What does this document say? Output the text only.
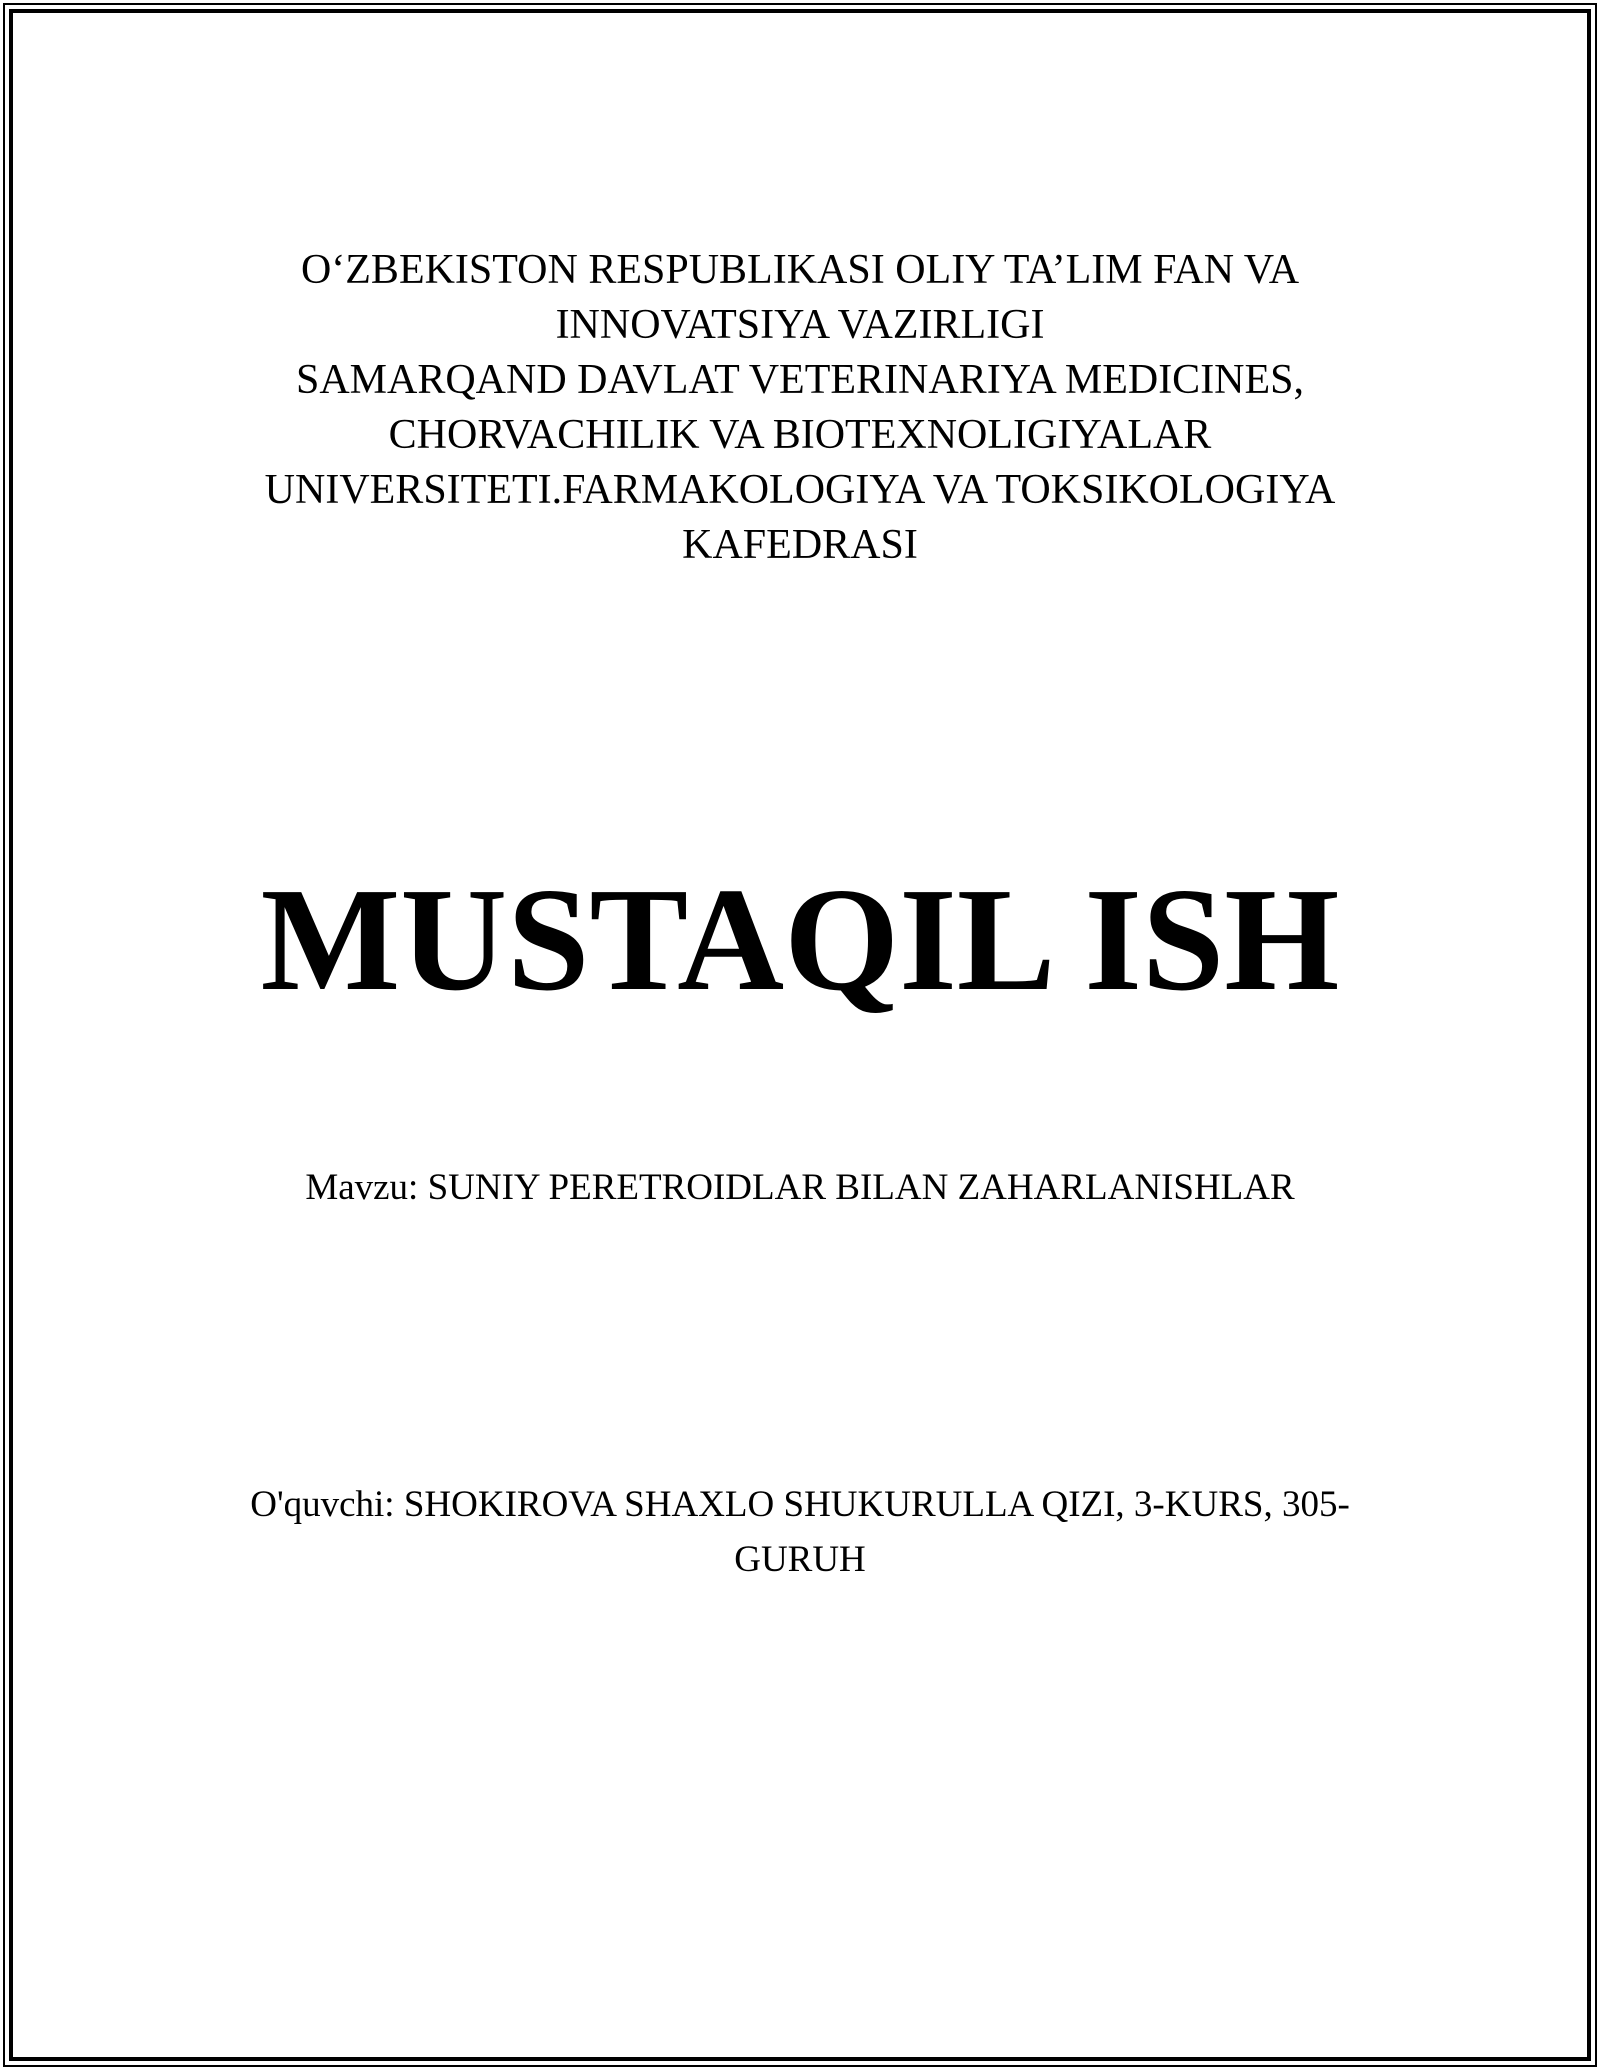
O‘ZBEKISTON RESPUBLIKASI OLIY TA’LIM FAN VA
INNOVATSIYA VAZIRLIGI
SAMARQAND DAVLAT VETERINARIYA MEDICINES,
CHORVACHILIK VA BIOTEXNOLIGIYALAR
UNIVERSITETI.FARMAKOLOGIYA VA TOKSIKOLOGIYA
KAFEDRASI
MUSTAQIL ISH
Mavzu: SUNIY PERETROIDLAR BILAN ZAHARLANISHLAR
O'quvchi: SHOKIROVA SHAXLO SHUKURULLA QIZI, 3-KURS, 305-
GURUH
